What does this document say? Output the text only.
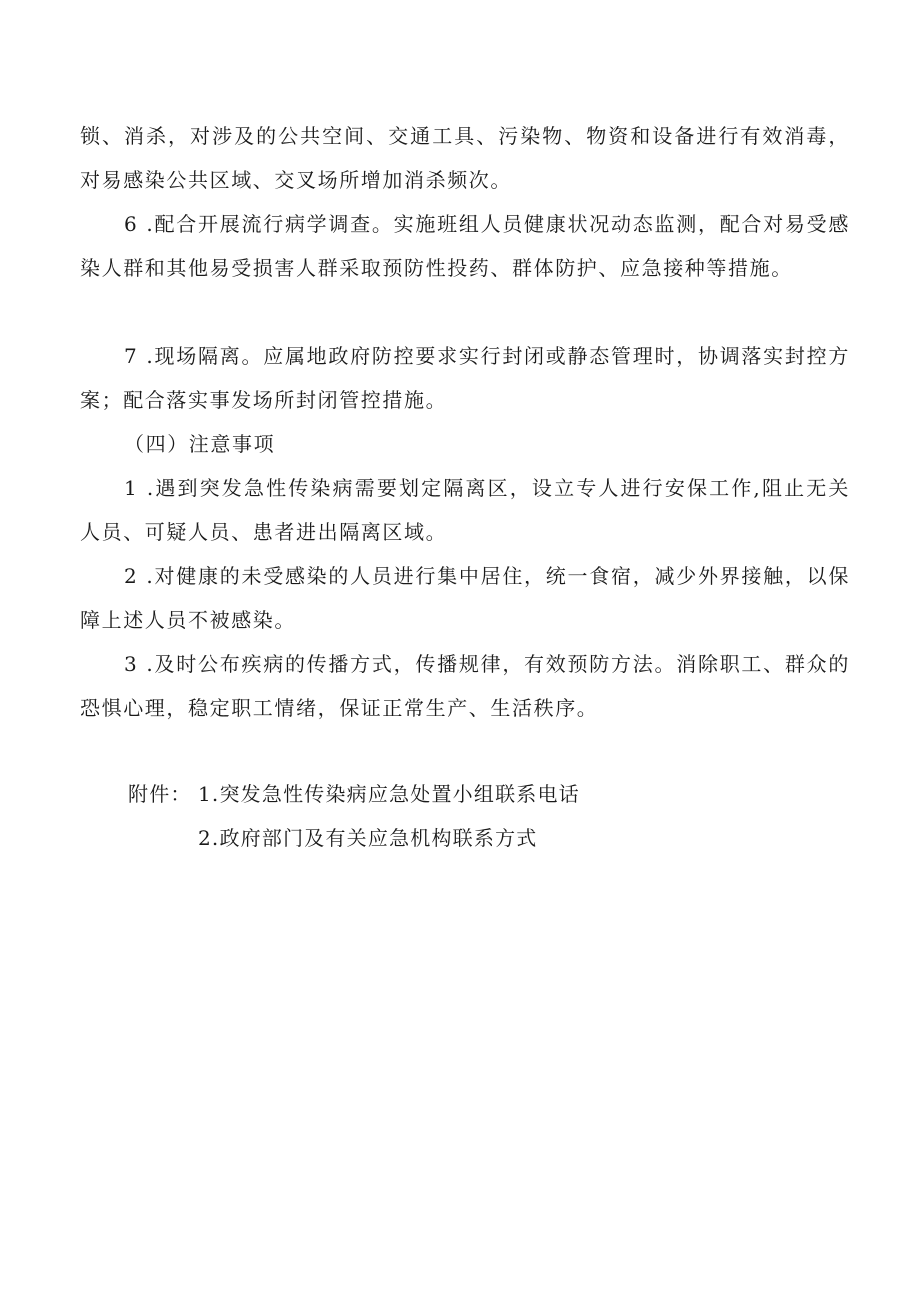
锁、消杀，对涉及的公共空间、交通工具、污染物、物资和设备进行有效消毒，对易感染公共区域、交叉场所增加消杀频次。

6 .配合开展流行病学调查。实施班组人员健康状况动态监测，配合对易受感染人群和其他易受损害人群采取预防性投药、群体防护、应急接种等措施。

7 .现场隔离。应属地政府防控要求实行封闭或静态管理时，协调落实封控方案；配合落实事发场所封闭管控措施。

（四）注意事项

1 .遇到突发急性传染病需要划定隔离区，设立专人进行安保工作,阻止无关人员、可疑人员、患者进出隔离区域。

2 .对健康的未受感染的人员进行集中居住，统一食宿，减少外界接触，以保障上述人员不被感染。

3 .及时公布疾病的传播方式，传播规律，有效预防方法。消除职工、群众的恐惧心理，稳定职工情绪，保证正常生产、生活秩序。

附件： 1.突发急性传染病应急处置小组联系电话

2.政府部门及有关应急机构联系方式
